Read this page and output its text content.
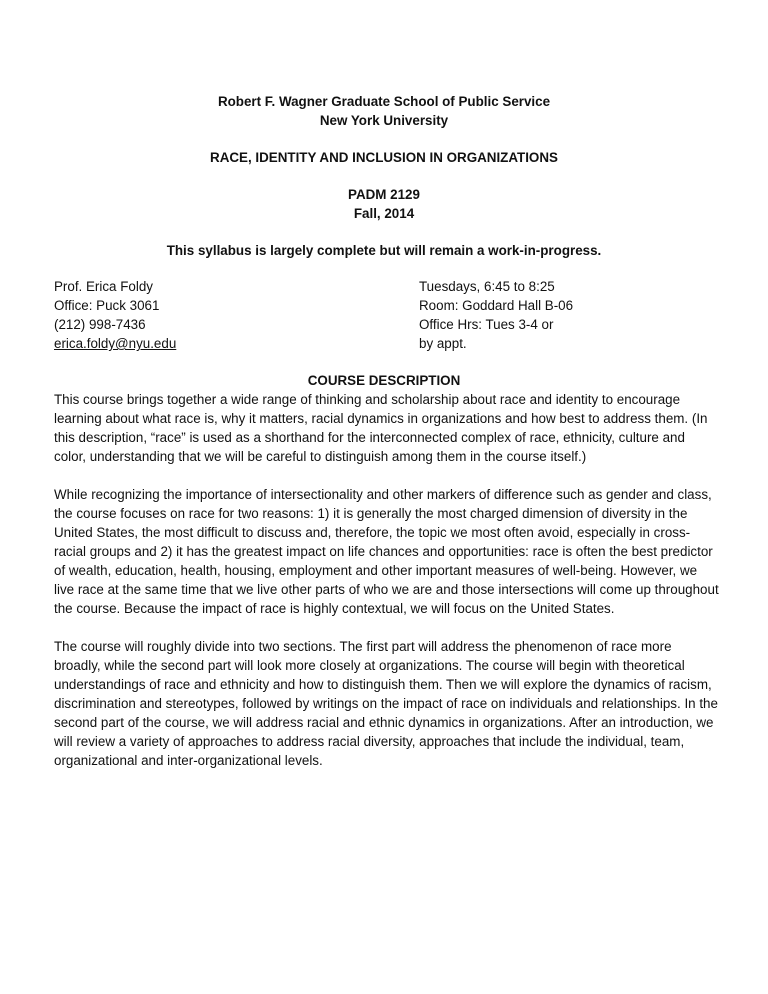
Robert F. Wagner Graduate School of Public Service
New York University
RACE, IDENTITY AND INCLUSION IN ORGANIZATIONS
PADM 2129
Fall, 2014
This syllabus is largely complete but will remain a work-in-progress.
Prof. Erica Foldy
Office: Puck 3061
(212) 998-7436
erica.foldy@nyu.edu
Tuesdays, 6:45 to 8:25
Room: Goddard Hall B-06
Office Hrs: Tues 3-4 or
by appt.
COURSE DESCRIPTION

This course brings together a wide range of thinking and scholarship about race and identity to encourage learning about what race is, why it matters, racial dynamics in organizations and how best to address them. (In this description, “race” is used as a shorthand for the interconnected complex of race, ethnicity, culture and color, understanding that we will be careful to distinguish among them in the course itself.)

While recognizing the importance of intersectionality and other markers of difference such as gender and class, the course focuses on race for two reasons: 1) it is generally the most charged dimension of diversity in the United States, the most difficult to discuss and, therefore, the topic we most often avoid, especially in cross-racial groups and 2) it has the greatest impact on life chances and opportunities: race is often the best predictor of wealth, education, health, housing, employment and other important measures of well-being. However, we live race at the same time that we live other parts of who we are and those intersections will come up throughout the course. Because the impact of race is highly contextual, we will focus on the United States.

The course will roughly divide into two sections. The first part will address the phenomenon of race more broadly, while the second part will look more closely at organizations. The course will begin with theoretical understandings of race and ethnicity and how to distinguish them. Then we will explore the dynamics of racism, discrimination and stereotypes, followed by writings on the impact of race on individuals and relationships. In the second part of the course, we will address racial and ethnic dynamics in organizations. After an introduction, we will review a variety of approaches to address racial diversity, approaches that include the individual, team, organizational and inter-organizational levels.
